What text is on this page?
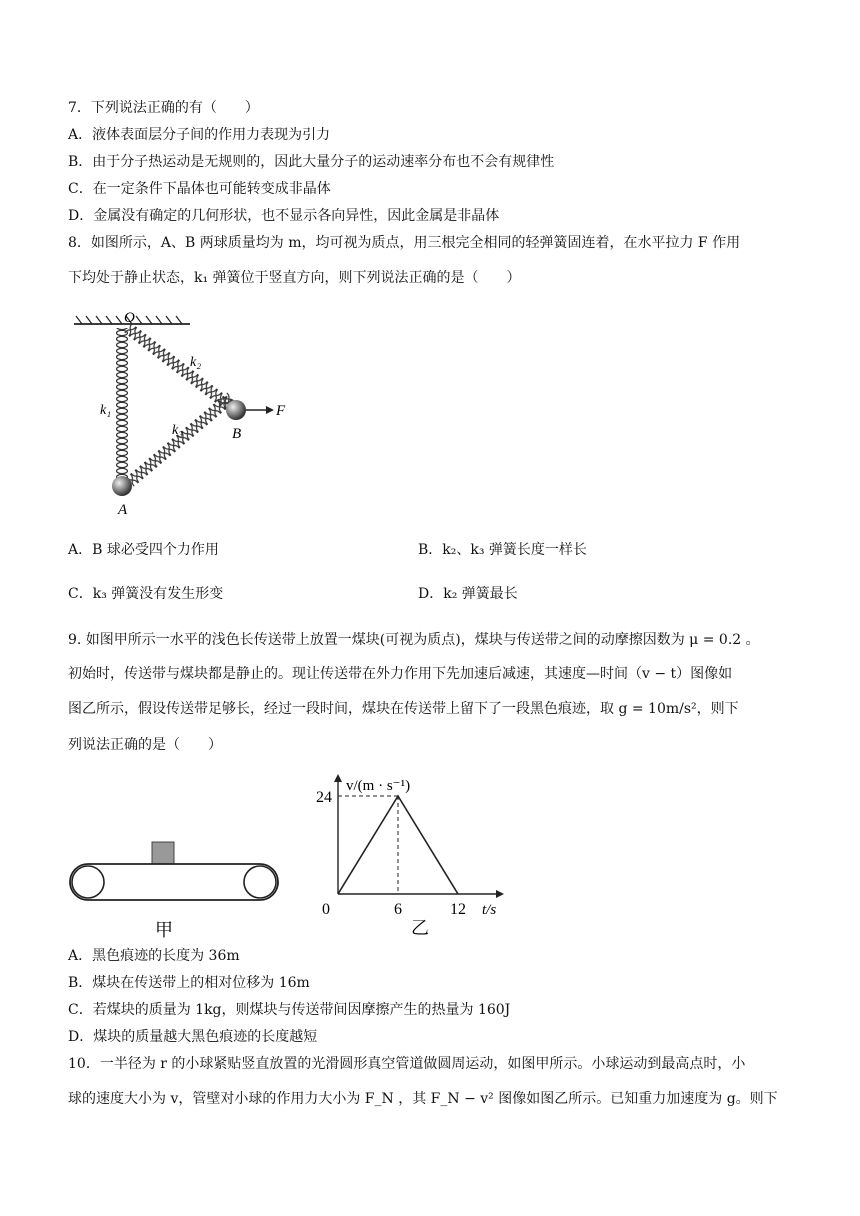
7．下列说法正确的有（　　）
A．液体表面层分子间的作用力表现为引力
B．由于分子热运动是无规则的，因此大量分子的运动速率分布也不会有规律性
C．在一定条件下晶体也可能转变成非晶体
D．金属没有确定的几何形状，也不显示各向异性，因此金属是非晶体
8．如图所示，A、B 两球质量均为 m，均可视为质点，用三根完全相同的轻弹簧固连着，在水平拉力 F 作用
下均处于静止状态，k₁ 弹簧位于竖直方向，则下列说法正确的是（　　）
O
F
B
A
k₁
k₂
k₃
A．B 球必受四个力作用	B．k₂、k₃ 弹簧长度一样长
C．k₃ 弹簧没有发生形变	D．k₂ 弹簧最长
9. 如图甲所示一水平的浅色长传送带上放置一煤块(可视为质点)，煤块与传送带之间的动摩擦因数为 μ = 0.2 。
初始时，传送带与煤块都是静止的。现让传送带在外力作用下先加速后减速，其速度—时间（v − t）图像如
图乙所示，假设传送带足够长，经过一段时间，煤块在传送带上留下了一段黑色痕迹，取 g = 10m/s²，则下
列说法正确的是（　　）
甲
v/(m · s⁻¹)
t/s
0	6	12
24
乙
A．黑色痕迹的长度为 36m
B．煤块在传送带上的相对位移为 16m
C．若煤块的质量为 1kg，则煤块与传送带间因摩擦产生的热量为 160J
D．煤块的质量越大黑色痕迹的长度越短
10．一半径为 r 的小球紧贴竖直放置的光滑圆形真空管道做圆周运动，如图甲所示。小球运动到最高点时，小
球的速度大小为 v，管壁对小球的作用力大小为 F_N ，其 F_N − v² 图像如图乙所示。已知重力加速度为 g。则下
